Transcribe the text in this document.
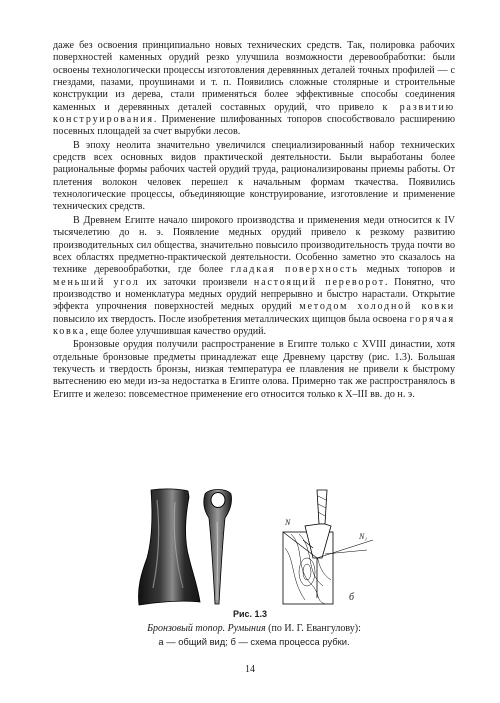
даже без освоения принципиально новых технических средств. Так, полировка рабочих поверхностей каменных орудий резко улучшила возможности деревообработки: были освоены технологически процессы изготовления деревянных деталей точных профилей — с гнездами, пазами, проушинами и т. п. Появились сложные столярные и строительные конструкции из дерева, стали применяться более эффективные способы соединения каменных и деревянных деталей составных орудий, что привело к развитию конструирования. Применение шлифованных топоров способствовало расширению посевных площадей за счет вырубки лесов.

В эпоху неолита значительно увеличился специализированный набор технических средств всех основных видов практической деятельности. Были выработаны более рациональные формы рабочих частей орудий труда, рационализированы приемы работы. От плетения волокон человек перешел к начальным формам ткачества. Появились технологические процессы, объединяющие конструирование, изготовление и применение технических средств.

В Древнем Египте начало широкого производства и применения меди относится к IV тысячелетию до н. э. Появление медных орудий привело к резкому развитию производительных сил общества, значительно повысило производительность труда почти во всех областях предметно-практической деятельности. Особенно заметно это сказалось на технике деревообработки, где более гладкая поверхность медных топоров и меньший угол их заточки произвели настоящий переворот. Понятно, что производство и номенклатура медных орудий непрерывно и быстро нарастали. Открытие эффекта упрочнения поверхностей медных орудий методом холодной ковки повысило их твердость. После изобретения металлических щипцов была освоена горячая ковка, еще более улучшившая качество орудий.

Бронзовые орудия получили распространение в Египте только с XVIII династии, хотя отдельные бронзовые предметы принадлежат еще Древнему царству (рис. 1.3). Большая текучесть и твердость бронзы, низкая температура ее плавления не привели к быстрому вытеснению ею меди из-за недостатка в Египте олова. Примерно так же распространялось в Египте и железо: повсеместное применение его относится только к X–III вв. до н. э.

а	б
N
N₁
Рис. 1.3
Бронзовый топор. Румыния (по И. Г. Евангулову):
а — общий вид; б — схема процесса рубки.
14
